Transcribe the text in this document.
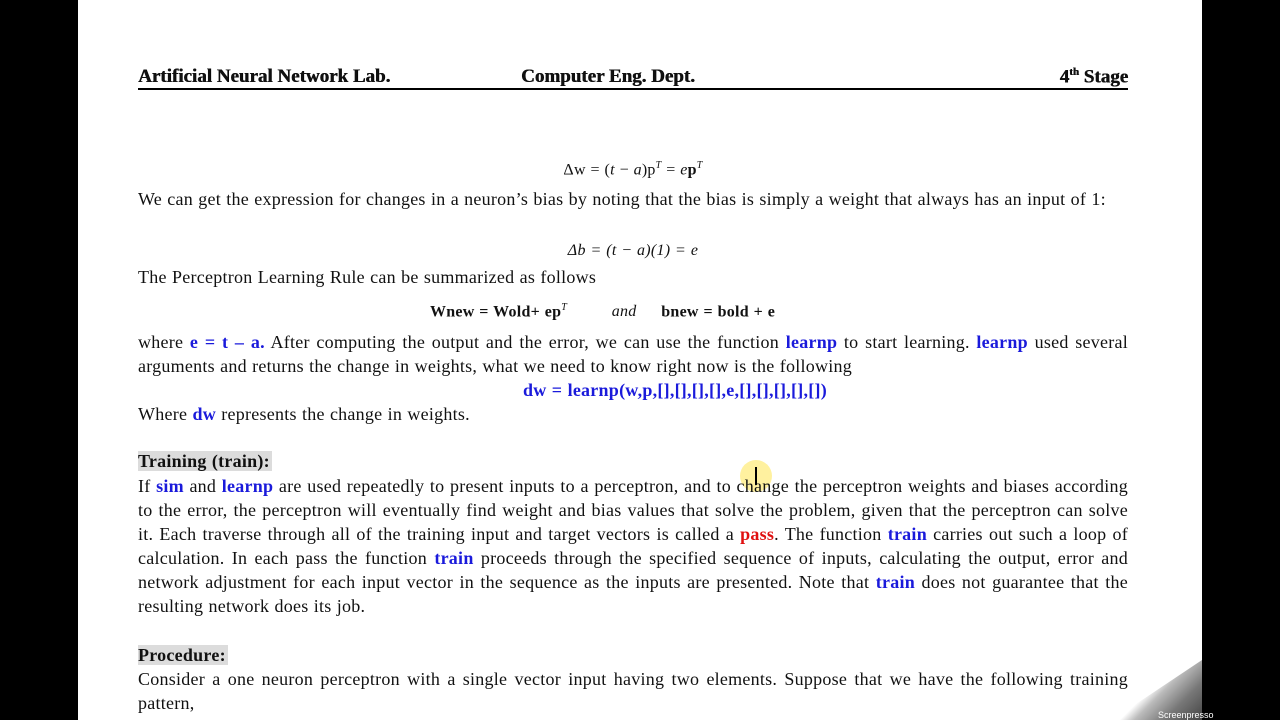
Artificial Neural Network Lab.	Computer Eng. Dept.	4th Stage
$\Delta w = (t - a)p^T = ep^T$
We can get the expression for changes in a neuron’s bias by noting that the bias is simply a weight that always has an input of 1:
Δb = (t − a)(1) = e
The Perceptron Learning Rule can be summarized as follows
Wnew = Wold+ $ep^T$	and bnew = bold + e
where e = t – a. After computing the output and the error, we can use the function learnp to start learning. learnp used several arguments and returns the change in weights, what we need to know right now is the following
dw = learnp(w,p,[],[],[],[],e,[],[],[],[],[])
Where dw represents the change in weights.
Training (train):
If sim and learnp are used repeatedly to present inputs to a perceptron, and to change the perceptron weights and biases according to the error, the perceptron will eventually find weight and bias values that solve the problem, given that the perceptron can solve it. Each traverse through all of the training input and target vectors is called a pass. The function train carries out such a loop of calculation. In each pass the function train proceeds through the specified sequence of inputs, calculating the output, error and network adjustment for each input vector in the sequence as the inputs are presented. Note that train does not guarantee that the resulting network does its job.
Procedure:
Consider a one neuron perceptron with a single vector input having two elements. Suppose that we have the following training pattern,
Screenpresso
